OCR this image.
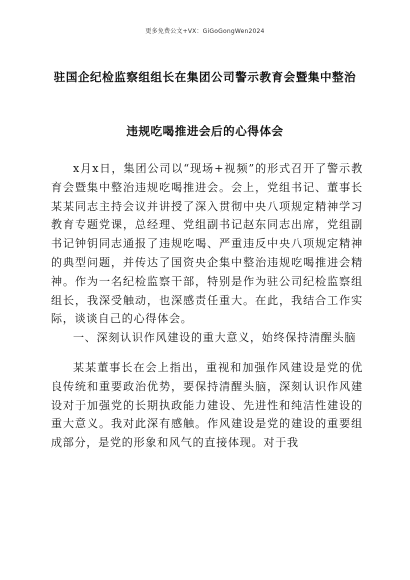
更多免费公文+VX：GiGoGongWen2024
驻国企纪检监察组组长在集团公司警示教育会暨集中整治
违规吃喝推进会后的心得体会

x月x日，集团公司以“现场+视频”的形式召开了警示教育会暨集中整治违规吃喝推进会。会上，党组书记、董事长某某同志主持会议并讲授了深入贯彻中央八项规定精神学习教育专题党课，总经理、党组副书记赵东同志出席，党组副书记钟钥同志通报了违规吃喝、严重违反中央八项规定精神的典型问题，并传达了国资央企集中整治违规吃喝推进会精神。作为一名纪检监察干部，特别是作为驻公司纪检监察组组长，我深受触动，也深感责任重大。在此，我结合工作实际，谈谈自己的心得体会。

一、深刻认识作风建设的重大意义，始终保持清醒头脑

某某董事长在会上指出，重视和加强作风建设是党的优良传统和重要政治优势，要保持清醒头脑，深刻认识作风建设对于加强党的长期执政能力建设、先进性和纯洁性建设的重大意义。我对此深有感触。作风建设是党的建设的重要组成部分，是党的形象和风气的直接体现。对于我
